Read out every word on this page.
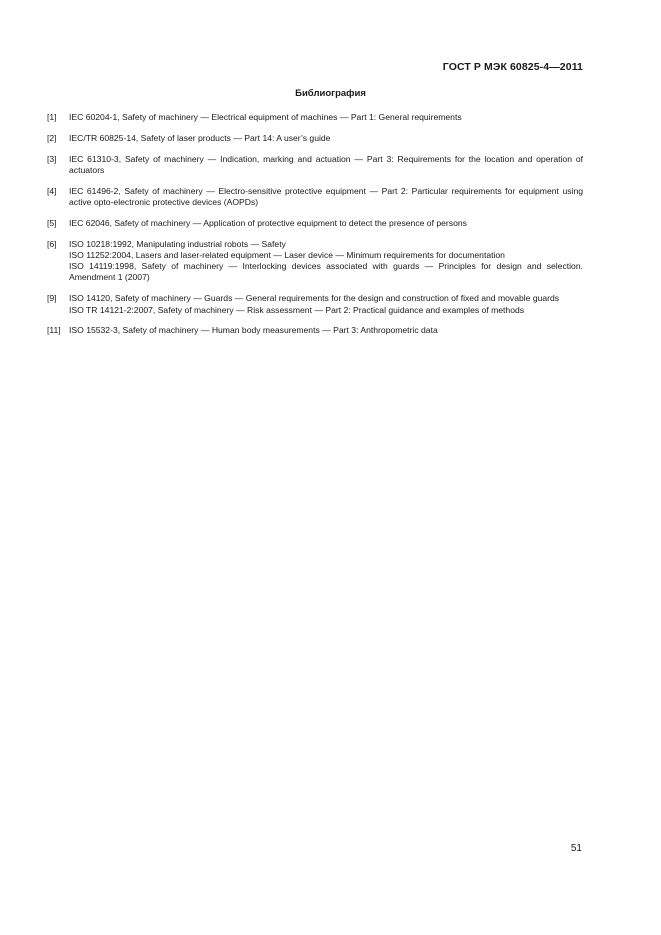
ГОСТ Р МЭК 60825-4—2011
Библиография
[1]	IEC 60204-1, Safety of machinery — Electrical equipment of machines — Part 1: General requirements
[2]	IEC/TR 60825-14, Safety of laser products — Part 14: A user’s guide
[3]	IEC 61310-3, Safety of machinery — Indication, marking and actuation — Part 3: Requirements for the location and operation of actuators
[4]	IEC 61496-2, Safety of machinery — Electro-sensitive protective equipment — Part 2: Particular requirements for equipment using active opto-electronic protective devices (AOPDs)
[5]	IEC 62046, Safety of machinery — Application of protective equipment to detect the presence of persons
[6]	ISO 10218:1992, Manipulating industrial robots — Safety
ISO 11252:2004, Lasers and laser-related equipment — Laser device — Minimum requirements for documentation
ISO 14119:1998, Safety of machinery — Interlocking devices associated with guards — Principles for design and selection. Amendment 1 (2007)
[9]	ISO 14120, Safety of machinery — Guards — General requirements for the design and construction of fixed and movable guards
ISO TR 14121-2:2007, Safety of machinery — Risk assessment — Part 2: Practical guidance and examples of methods
[11] ISO 15532-3, Safety of machinery — Human body measurements — Part 3: Anthropometric data
51
